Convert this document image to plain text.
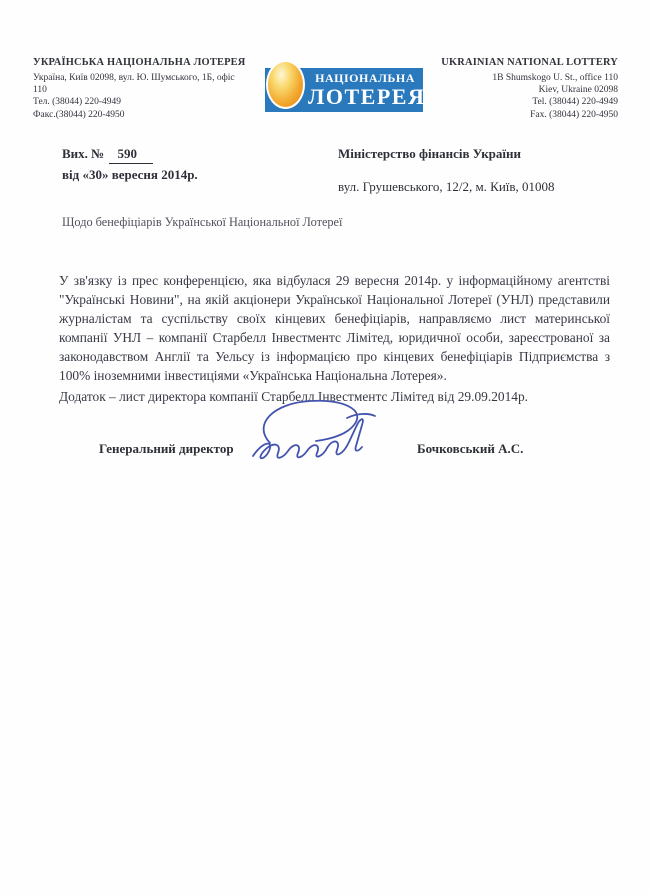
УКРАЇНСЬКА НАЦІОНАЛЬНА ЛОТЕРЕЯ
Україна, Київ 02098, вул. Ю. Шумського, 1Б, офіс
110
Тел. (38044) 220-4949
Факс.(38044) 220-4950
НАЦІОНАЛЬНА
ЛОТЕРЕЯ
UKRAINIAN NATIONAL LOTTERY
1B Shumskogo U. St., office 110
Kiev, Ukraine 02098
Tel. (38044) 220-4949
Fax. (38044) 220-4950
Вих. № 590
від «30» вересня 2014р.
Міністерство фінансів України
вул. Грушевського, 12/2, м. Київ, 01008
Щодо бенефіціарів Української Національної Лотереї
У зв'язку із прес конференцією, яка відбулася 29 вересня 2014р. у інформаційному агентстві "Українські Новини", на якій акціонери Української Національної Лотереї (УНЛ) представили журналістам та суспільству своїх кінцевих бенефіціарів, направляємо лист материнської компанії УНЛ – компанії Старбелл Інвестментс Лімітед, юридичної особи, зареєстрованої за законодавством Англії та Уельсу із інформацією про кінцевих бенефіціарів Підприємства з 100% іноземними інвестиціями «Українська Національна Лотерея».
Додаток – лист директора компанії Старбелл Інвестментс Лімітед від 29.09.2014р.
Генеральний директор	Бочковський А.С.
